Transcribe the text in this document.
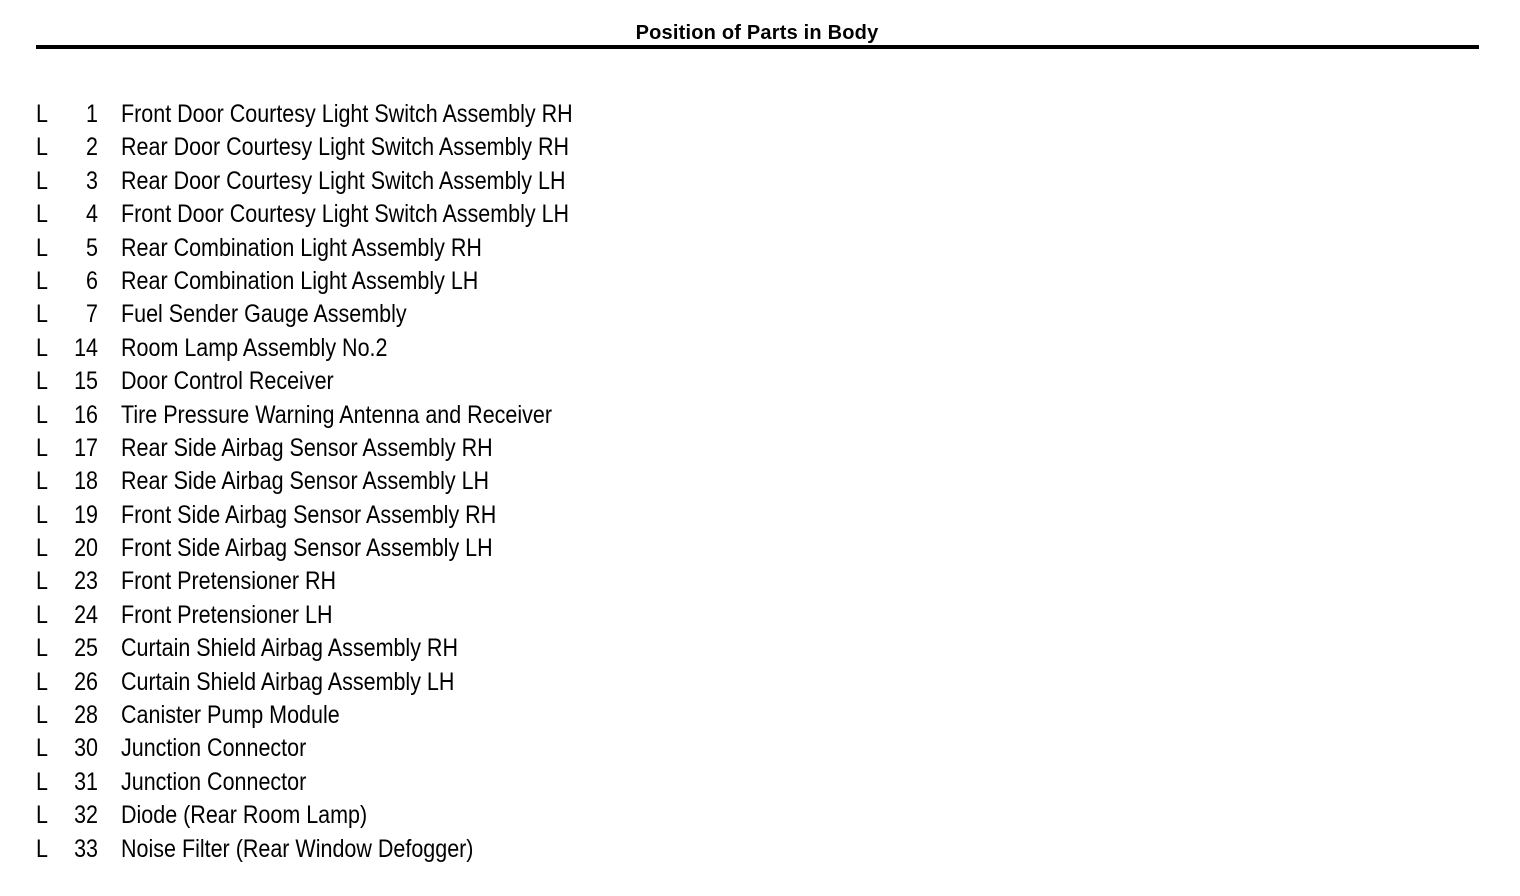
Position of Parts in Body
L	1 Front Door Courtesy Light Switch Assembly RH
L	2 Rear Door Courtesy Light Switch Assembly RH
L	3 Rear Door Courtesy Light Switch Assembly LH
L	4 Front Door Courtesy Light Switch Assembly LH
L	5 Rear Combination Light Assembly RH
L	6 Rear Combination Light Assembly LH
L	7 Fuel Sender Gauge Assembly
L	14 Room Lamp Assembly No.2
L	15 Door Control Receiver
L	16 Tire Pressure Warning Antenna and Receiver
L	17 Rear Side Airbag Sensor Assembly RH
L	18 Rear Side Airbag Sensor Assembly LH
L	19 Front Side Airbag Sensor Assembly RH
L	20 Front Side Airbag Sensor Assembly LH
L	23 Front Pretensioner RH
L	24 Front Pretensioner LH
L	25 Curtain Shield Airbag Assembly RH
L	26 Curtain Shield Airbag Assembly LH
L	28 Canister Pump Module
L	30 Junction Connector
L	31 Junction Connector
L	32 Diode (Rear Room Lamp)
L	33 Noise Filter (Rear Window Defogger)
